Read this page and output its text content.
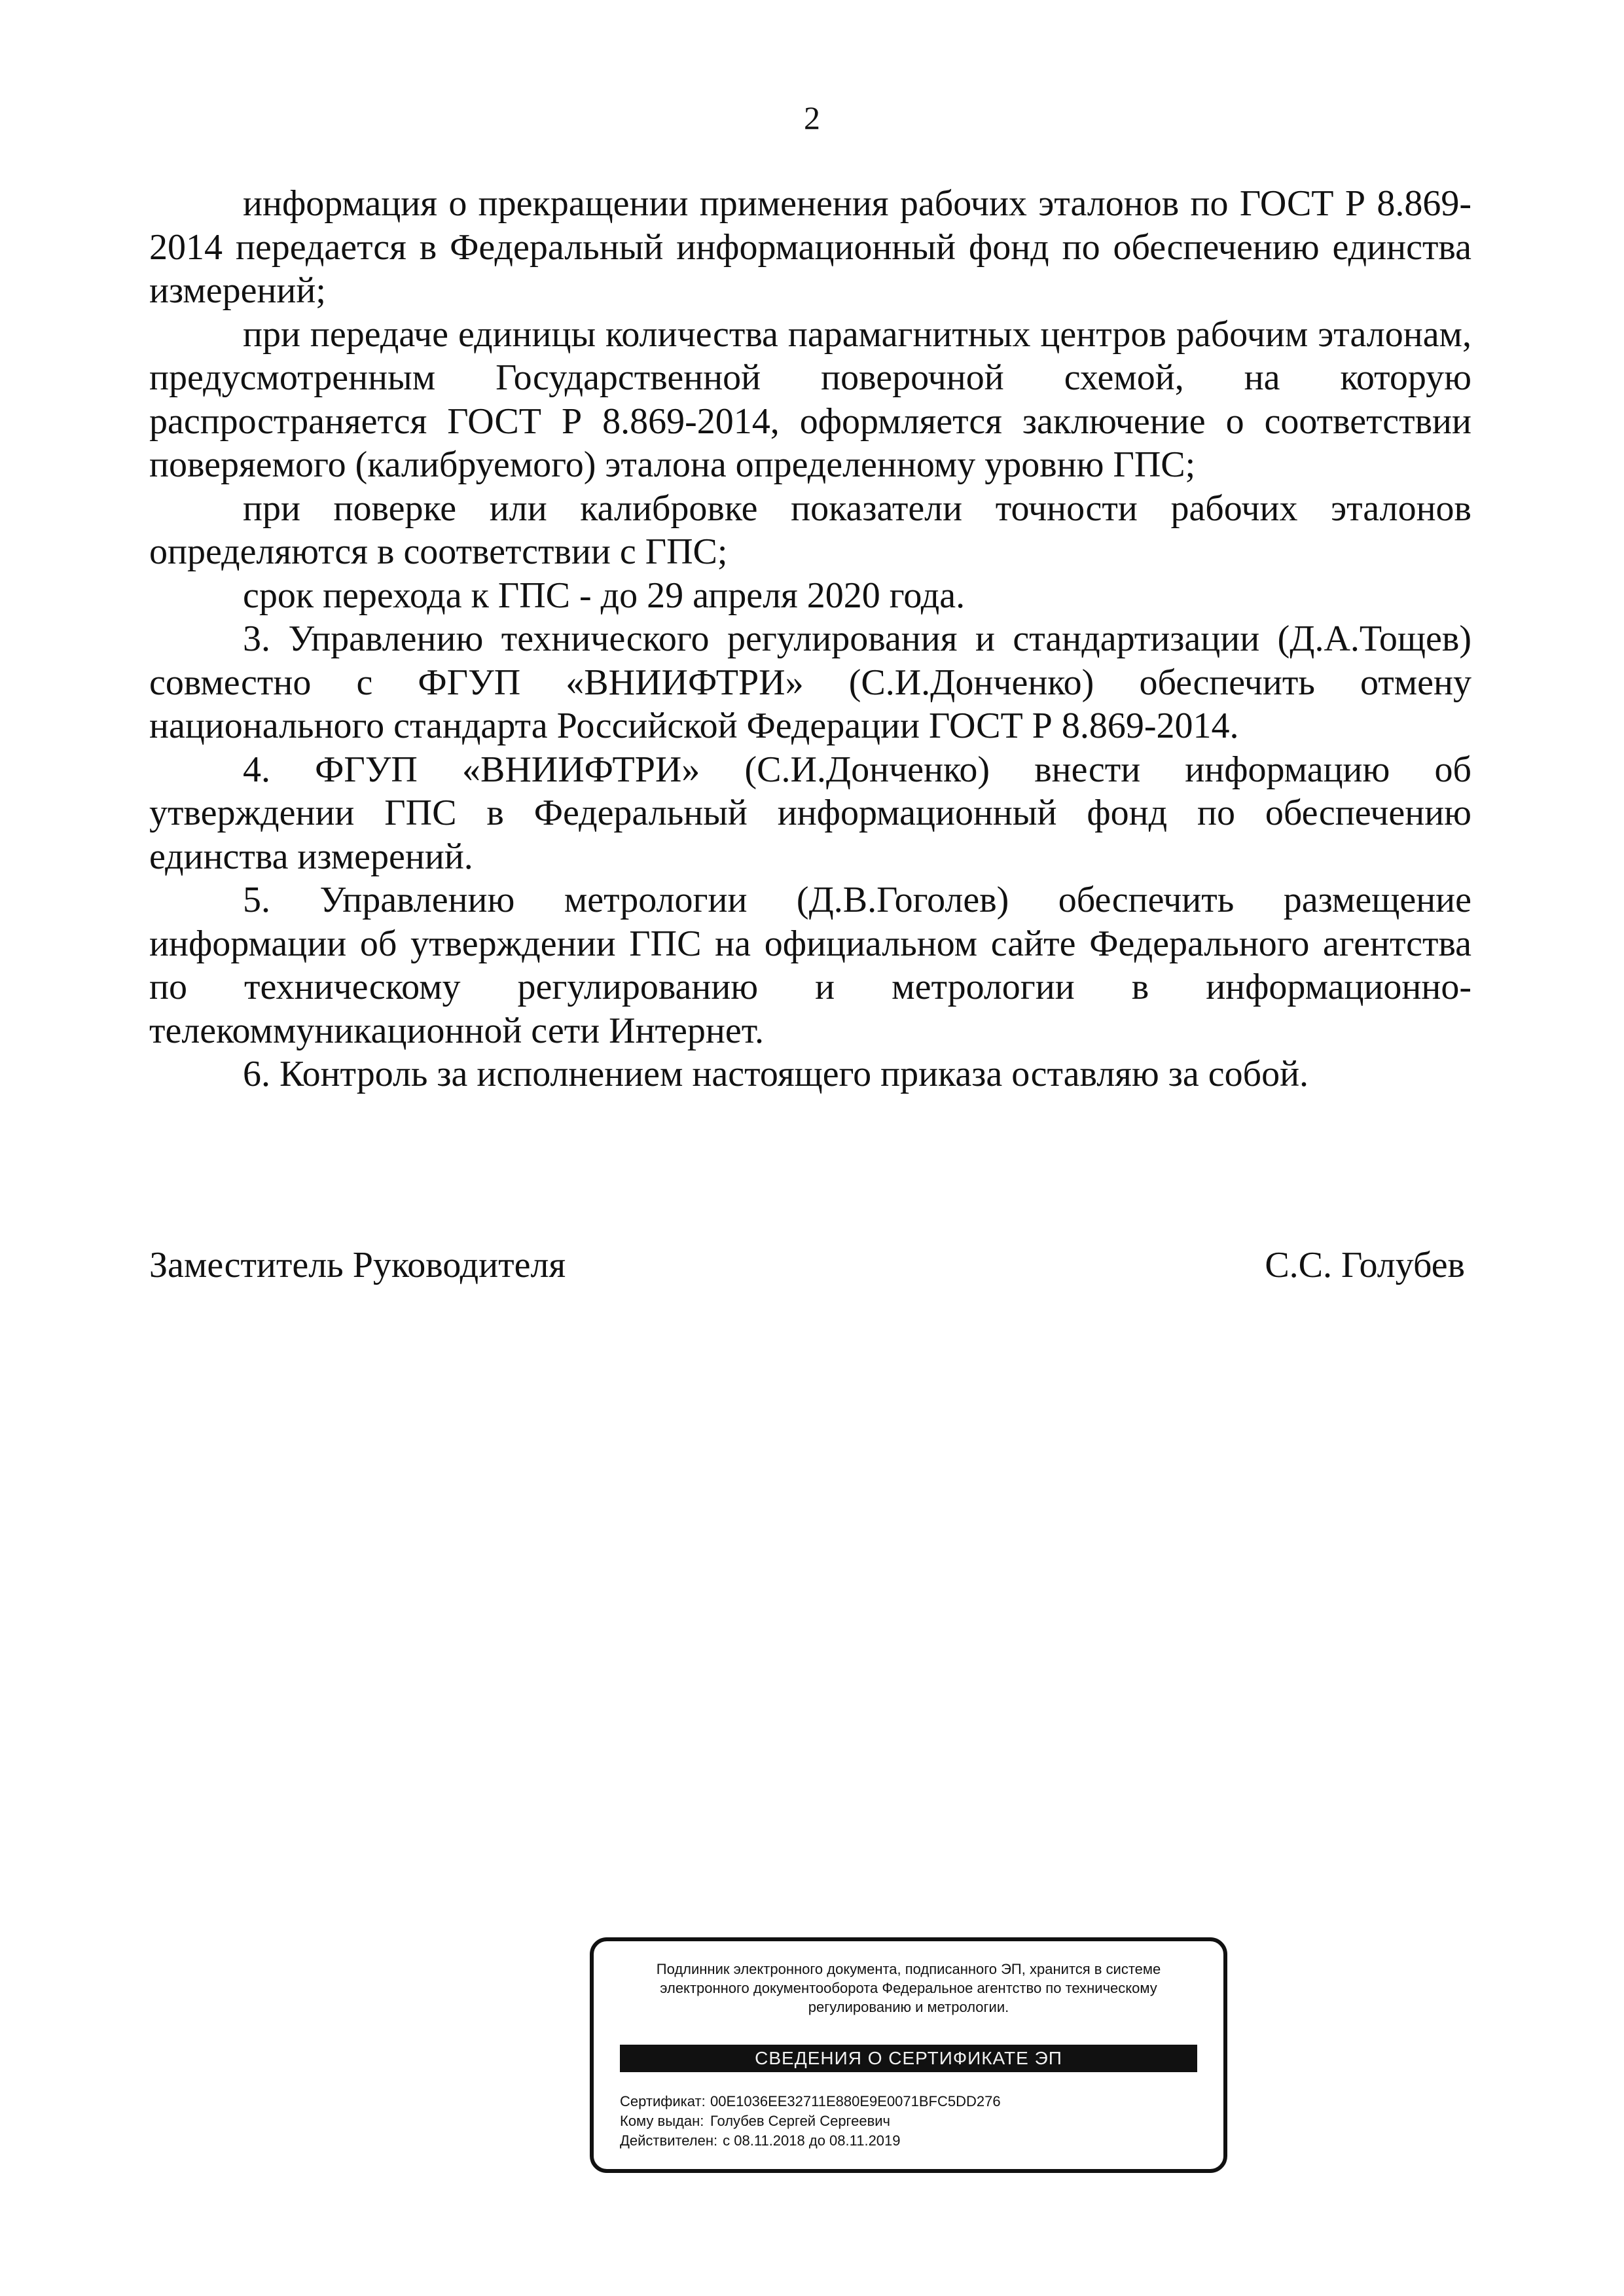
2

информация о прекращении применения рабочих эталонов по ГОСТ Р 8.869-2014 передается в Федеральный информационный фонд по обеспечению единства измерений;

при передаче единицы количества парамагнитных центров рабочим эталонам, предусмотренным Государственной поверочной схемой, на которую распространяется ГОСТ Р 8.869-2014, оформляется заключение о соответствии поверяемого (калибруемого) эталона определенному уровню ГПС;

при поверке или калибровке показатели точности рабочих эталонов определяются в соответствии с ГПС;

срок перехода к ГПС - до 29 апреля 2020 года.

3. Управлению технического регулирования и стандартизации (Д.А.Тощев) совместно с ФГУП «ВНИИФТРИ» (С.И.Донченко) обеспечить отмену национального стандарта Российской Федерации ГОСТ Р 8.869-2014.

4. ФГУП «ВНИИФТРИ» (С.И.Донченко) внести информацию об утверждении ГПС в Федеральный информационный фонд по обеспечению единства измерений.

5. Управлению метрологии (Д.В.Гоголев) обеспечить размещение информации об утверждении ГПС на официальном сайте Федерального агентства по техническому регулированию и метрологии в информационно-телекоммуникационной сети Интернет.

6. Контроль за исполнением настоящего приказа оставляю за собой.

Заместитель Руководителя	С.С. Голубев
Подлинник электронного документа, подписанного ЭП, хранится в системе электронного документооборота Федеральное агентство по техническому регулированию и метрологии.
СВЕДЕНИЯ О СЕРТИФИКАТЕ ЭП
Сертификат: 00E1036EE32711E880E9E0071BFC5DD276
Кому выдан: Голубев Сергей Сергеевич
Действителен: с 08.11.2018 до 08.11.2019
